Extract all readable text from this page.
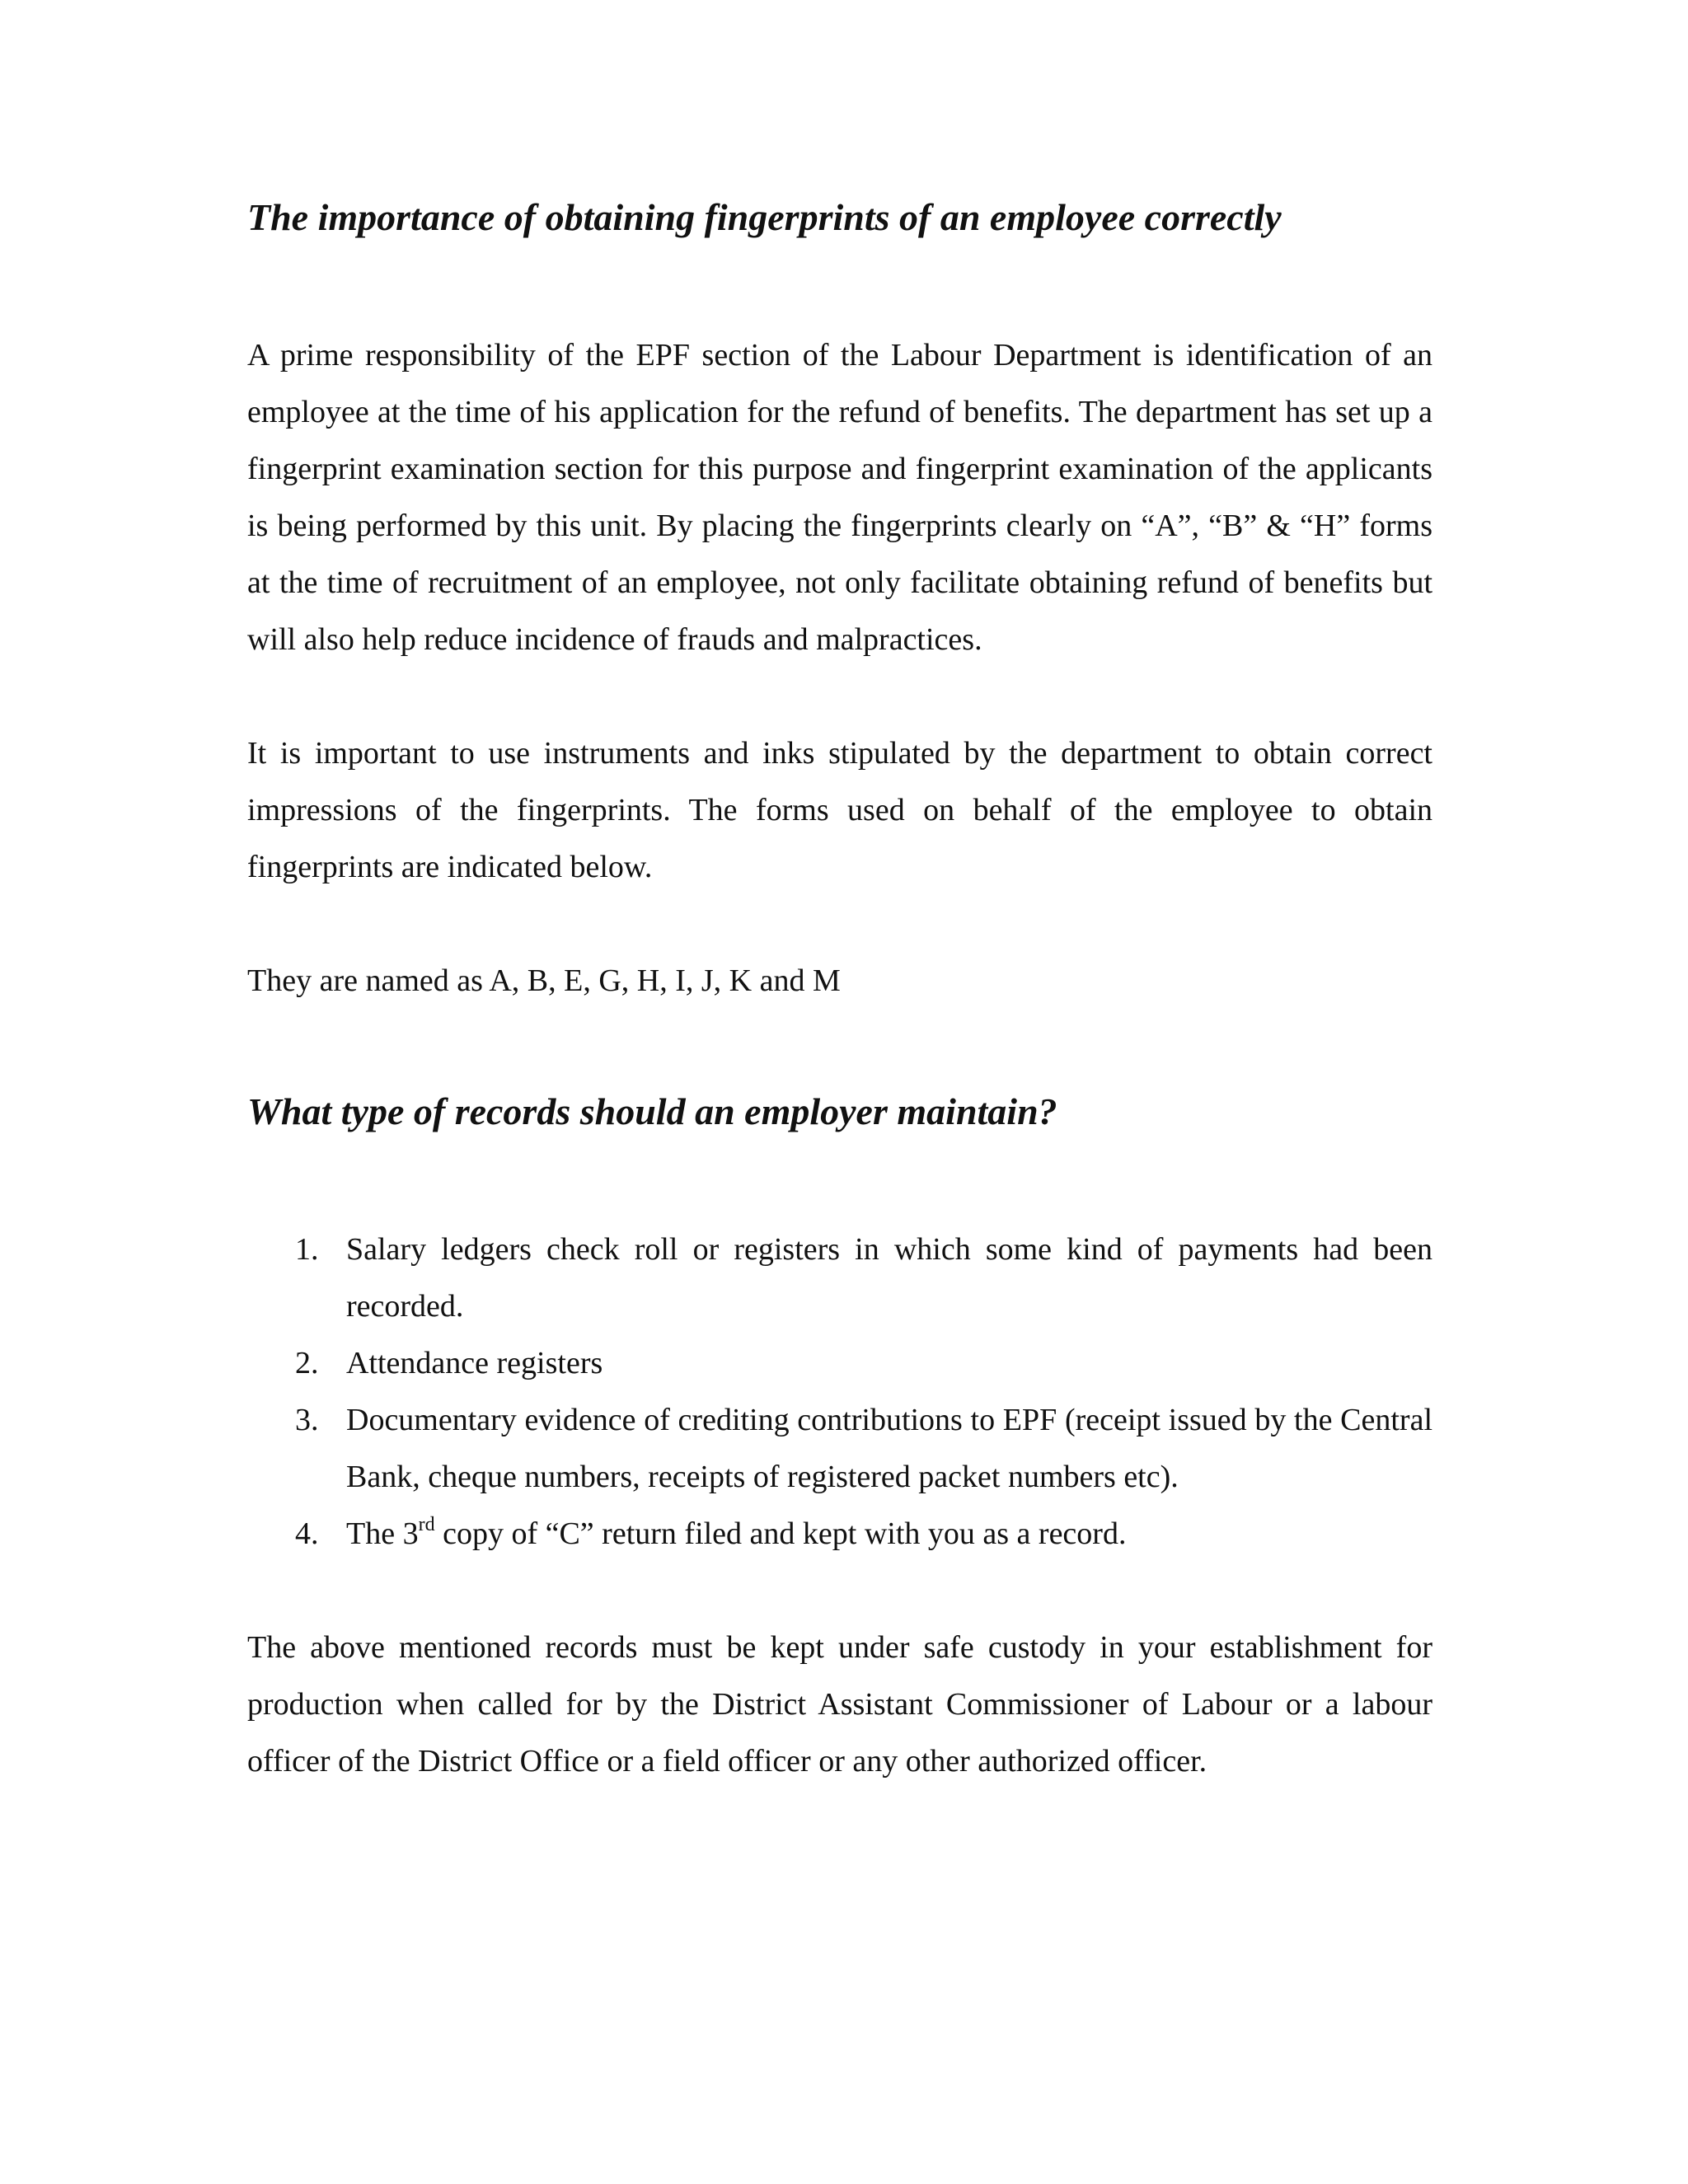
The importance of obtaining fingerprints of an employee correctly

A prime responsibility of the EPF section of the Labour Department is identification of an employee at the time of his application for the refund of benefits. The department has set up a fingerprint examination section for this purpose and fingerprint examination of the applicants is being performed by this unit. By placing the fingerprints clearly on “A”, “B” & “H” forms at the time of recruitment of an employee, not only facilitate obtaining refund of benefits but will also help reduce incidence of frauds and malpractices.

It is important to use instruments and inks stipulated by the department to obtain correct impressions of the fingerprints. The forms used on behalf of the employee to obtain fingerprints are indicated below.

They are named as A, B, E, G, H, I, J, K and M

What type of records should an employer maintain?
1. Salary ledgers check roll or registers in which some kind of payments had been recorded.
2. Attendance registers
3. Documentary evidence of crediting contributions to EPF (receipt issued by the Central Bank, cheque numbers, receipts of registered packet numbers etc).
4. The 3rd copy of “C” return filed and kept with you as a record.

The above mentioned records must be kept under safe custody in your establishment for production when called for by the District Assistant Commissioner of Labour or a labour officer of the District Office or a field officer or any other authorized officer.
